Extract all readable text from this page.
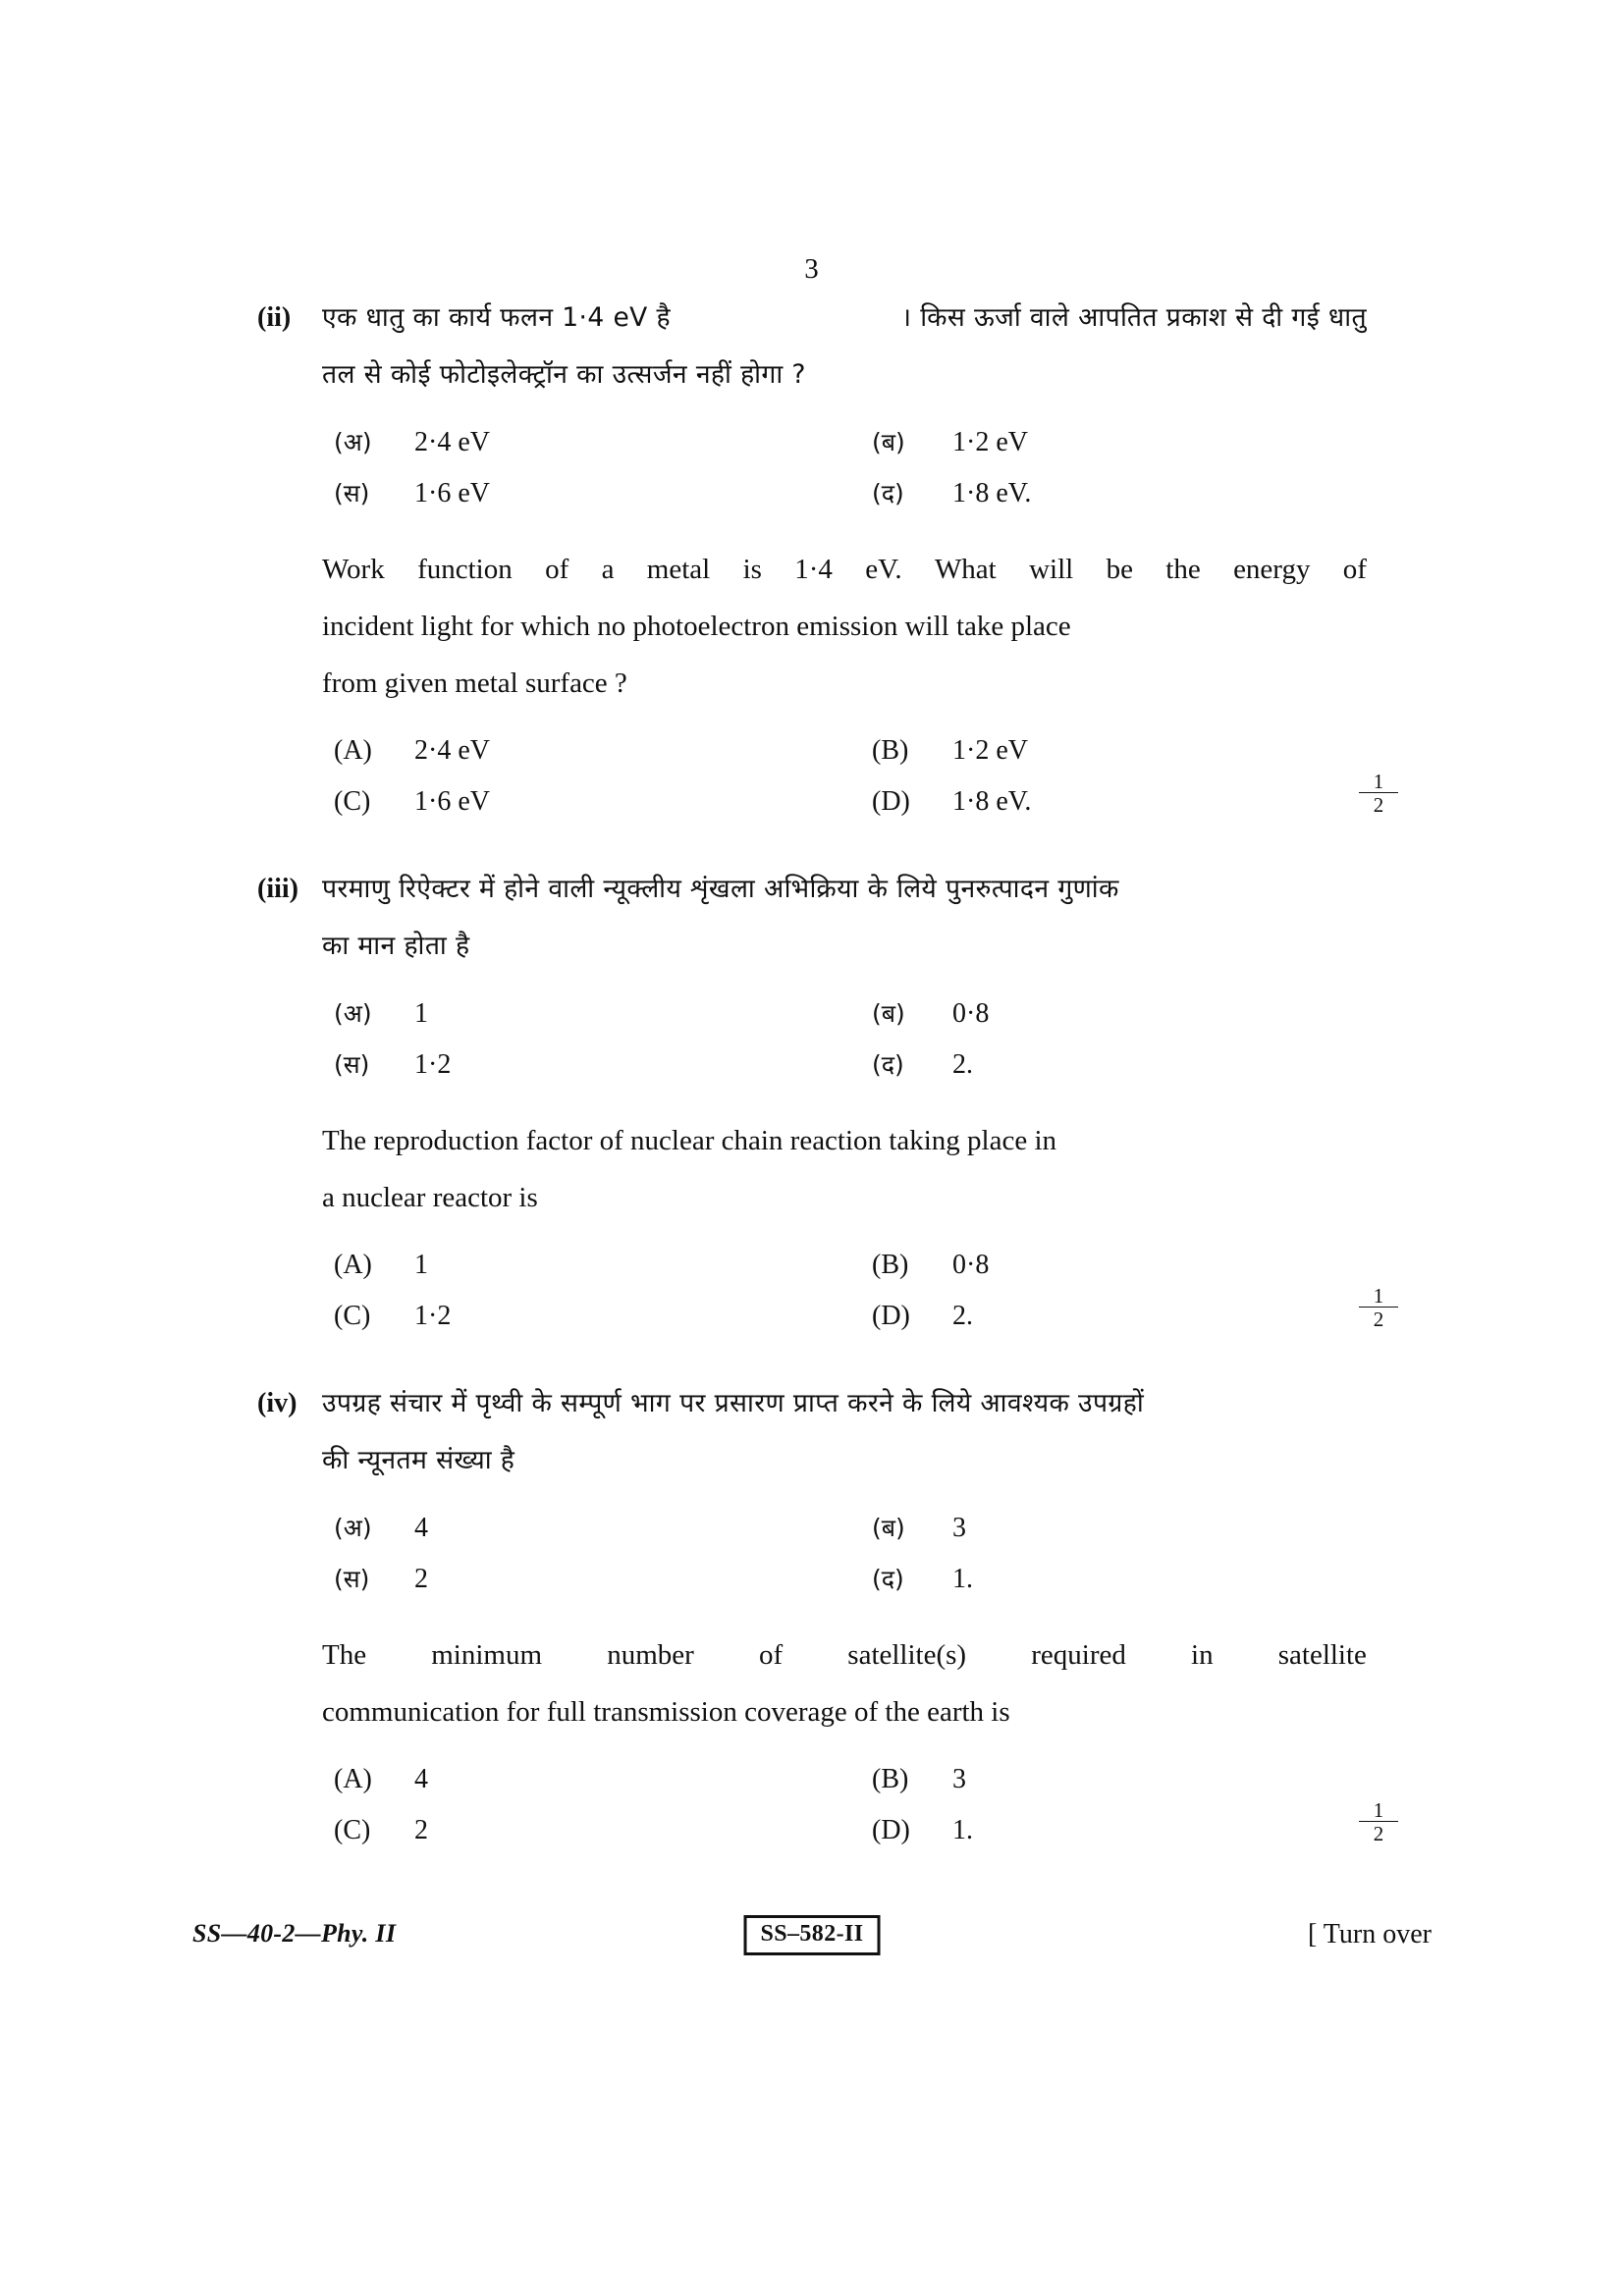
3
(ii)	एक धातु का कार्य फलन 1·4 eV है	। किस ऊर्जा वाले आपतित प्रकाश से दी गई धातु
तल से कोई फोटोइलेक्ट्रॉन का उत्सर्जन नहीं होगा ?
(अ) 2·4 eV	(ब) 1·2 eV
(स) 1·6 eV	(द) 1·8 eV.
Work function of a metal is 1·4 eV. What will be the energy of
incident light for which no photoelectron emission will take place
from given metal surface ?
(A) 2·4 eV	(B) 1·2 eV
(C) 1·6 eV	(D) 1·8 eV.	$\frac{1}{2}$
(iii) परमाणु रिऐक्टर में होने वाली न्यूक्लीय शृंखला अभिक्रिया के लिये पुनरुत्पादन गुणांक
का मान होता है
(अ) 1	(ब) 0·8
(स) 1·2	(द) 2.
The reproduction factor of nuclear chain reaction taking place in
a nuclear reactor is
(A) 1	(B) 0·8
(C) 1·2	(D) 2.	$\frac{1}{2}$
(iv) उपग्रह संचार में पृथ्वी के सम्पूर्ण भाग पर प्रसारण प्राप्त करने के लिये आवश्यक उपग्रहों
की न्यूनतम संख्या है
(अ) 4	(ब) 3
(स) 2	(द) 1.
The minimum number of satellite(s) required in satellite
communication for full transmission coverage of the earth is
(A) 4	(B) 3
(C) 2	(D) 1.	$\frac{1}{2}$
SS—40-2—Phy. II	SS–582-II	[ Turn over
